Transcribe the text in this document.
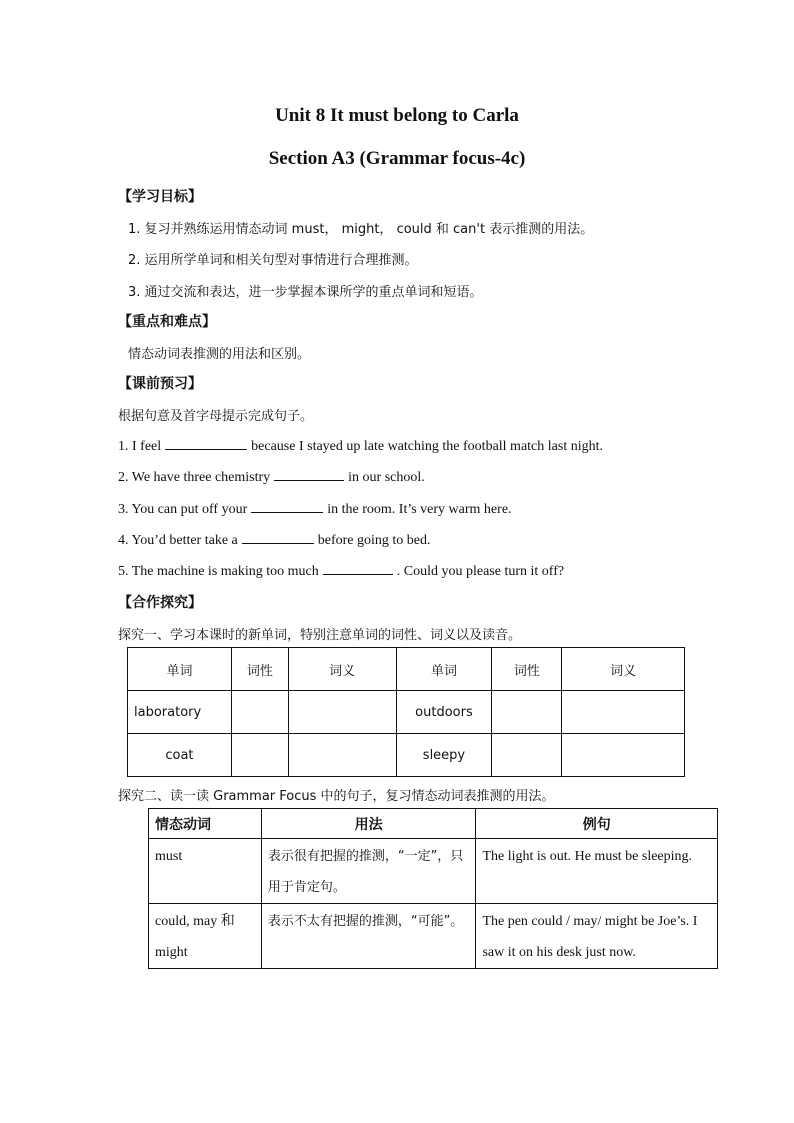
Unit 8 It must belong to Carla
Section A3 (Grammar focus-4c)
【学习目标】
1. 复习并熟练运用情态动词 must， might， could 和 can't 表示推测的用法。
2. 运用所学单词和相关句型对事情进行合理推测。
3. 通过交流和表达，进一步掌握本课所学的重点单词和短语。
【重点和难点】
情态动词表推测的用法和区别。
【课前预习】
根据句意及首字母提示完成句子。
1. I feel	because I stayed up late watching the football match last night.
2. We have three chemistry	in our school.
3. You can put off your	in the room. It’s very warm here.
4. You’d better take a	before going to bed.
5. The machine is making too much	. Could you please turn it off?
【合作探究】
探究一、学习本课时的新单词，特别注意单词的词性、词义以及读音。
单词	词性	词义	单词	词性	词义
laboratory			outdoors		
coat			sleepy		
探究二、读一读 Grammar Focus 中的句子，复习情态动词表推测的用法。
情态动词	用法	例句
must	表示很有把握的推测，“一定”，只用于肯定句。	The light is out. He must be sleeping.
could, may 和 might	表示不太有把握的推测，“可能”。	The pen could / may/ might be Joe’s. I saw it on his desk just now.
